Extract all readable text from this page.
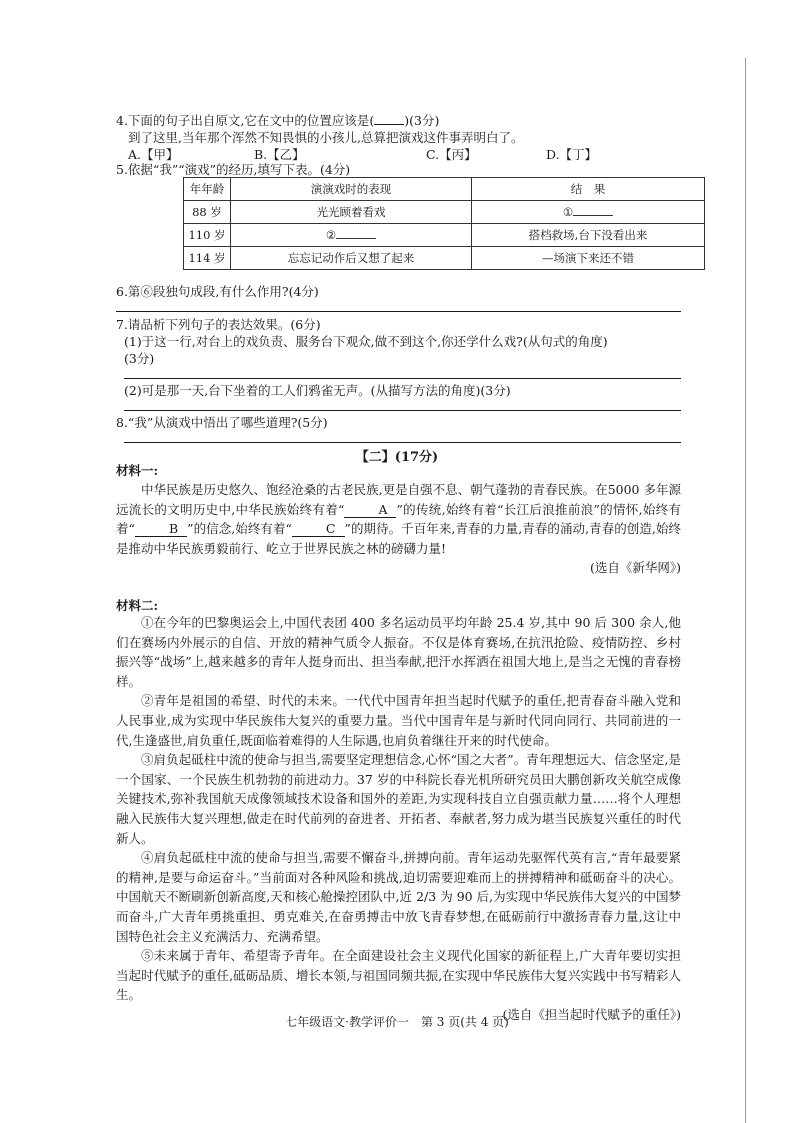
4.下面的句子出自原文,它在文中的位置应该是( )(3分)
到了这里,当年那个浑然不知畏惧的小孩儿,总算把演戏这件事弄明白了。
A.【甲】	B.【乙】	C.【丙】	D.【丁】
5.依据“我”“演戏”的经历,填写下表。(4分)
年年龄	演演戏时的表现	结　果
88 岁	光光顾着看戏	①
110 岁	②	搭档救场,台下没看出来
114 岁	忘忘记动作后又想了起来	—场演下来还不错
6.第⑥段独句成段,有什么作用?(4分)
7.请品析下列句子的表达效果。(6分)
(1)于这一行,对台上的戏负责、服务台下观众,做不到这个,你还学什么戏?(从句式的角度)
(3分)
(2)可是那一天,台下坐着的工人们鸦雀无声。(从描写方法的角度)(3分)
8.“我”从演戏中悟出了哪些道理?(5分)
【二】(17分)
材料一:

中华民族是历史悠久、饱经沧桑的古老民族,更是自强不息、朝气蓬勃的青春民族。在5000 多年源远流长的文明历史中,中华民族始终有着“	A ”的传统,始终有着“长江后浪推前浪”的情怀,始终有着“	B ”的信念,始终有着“	C ”的期待。千百年来,青春的力量,青春的涌动,青春的创造,始终是推动中华民族勇毅前行、屹立于世界民族之林的磅礴力量!

(选自《新华网》)

材料二:

①在今年的巴黎奥运会上,中国代表团 400 多名运动员平均年龄 25.4 岁,其中 90 后 300 余人,他们在赛场内外展示的自信、开放的精神气质令人振奋。不仅是体育赛场,在抗汛抢险、疫情防控、乡村振兴等“战场”上,越来越多的青年人挺身而出、担当奉献,把汗水挥洒在祖国大地上,是当之无愧的青春榜样。

②青年是祖国的希望、时代的未来。一代代中国青年担当起时代赋予的重任,把青春奋斗融入党和人民事业,成为实现中华民族伟大复兴的重要力量。当代中国青年是与新时代同向同行、共同前进的一代,生逢盛世,肩负重任,既面临着难得的人生际遇,也肩负着继往开来的时代使命。

③肩负起砥柱中流的使命与担当,需要坚定理想信念,心怀“国之大者”。青年理想远大、信念坚定,是一个国家、一个民族生机勃勃的前进动力。37 岁的中科院长春光机所研究员田大鹏创新攻关航空成像关键技术,弥补我国航天成像领域技术设备和国外的差距,为实现科技自立自强贡献力量……将个人理想融入民族伟大复兴理想,做走在时代前列的奋进者、开拓者、奉献者,努力成为堪当民族复兴重任的时代新人。

④肩负起砥柱中流的使命与担当,需要不懈奋斗,拼搏向前。青年运动先驱恽代英有言,“青年最要紧的精神,是要与命运奋斗。”当前面对各种风险和挑战,迫切需要迎难而上的拼搏精神和砥砺奋斗的决心。中国航天不断刷新创新高度,天和核心舱操控团队中,近 2/3 为 90 后,为实现中华民族伟大复兴的中国梦而奋斗,广大青年勇挑重担、勇克难关,在奋勇搏击中放飞青春梦想,在砥砺前行中激扬青春力量,这让中国特色社会主义充满活力、充满希望。

⑤未来属于青年、希望寄予青年。在全面建设社会主义现代化国家的新征程上,广大青年要切实担当起时代赋予的重任,砥砺品质、增长本领,与祖国同频共振,在实现中华民族伟大复兴实践中书写精彩人生。

(选自《担当起时代赋予的重任》)

七年级语文·教学评价一　第 3 页(共 4 页)
